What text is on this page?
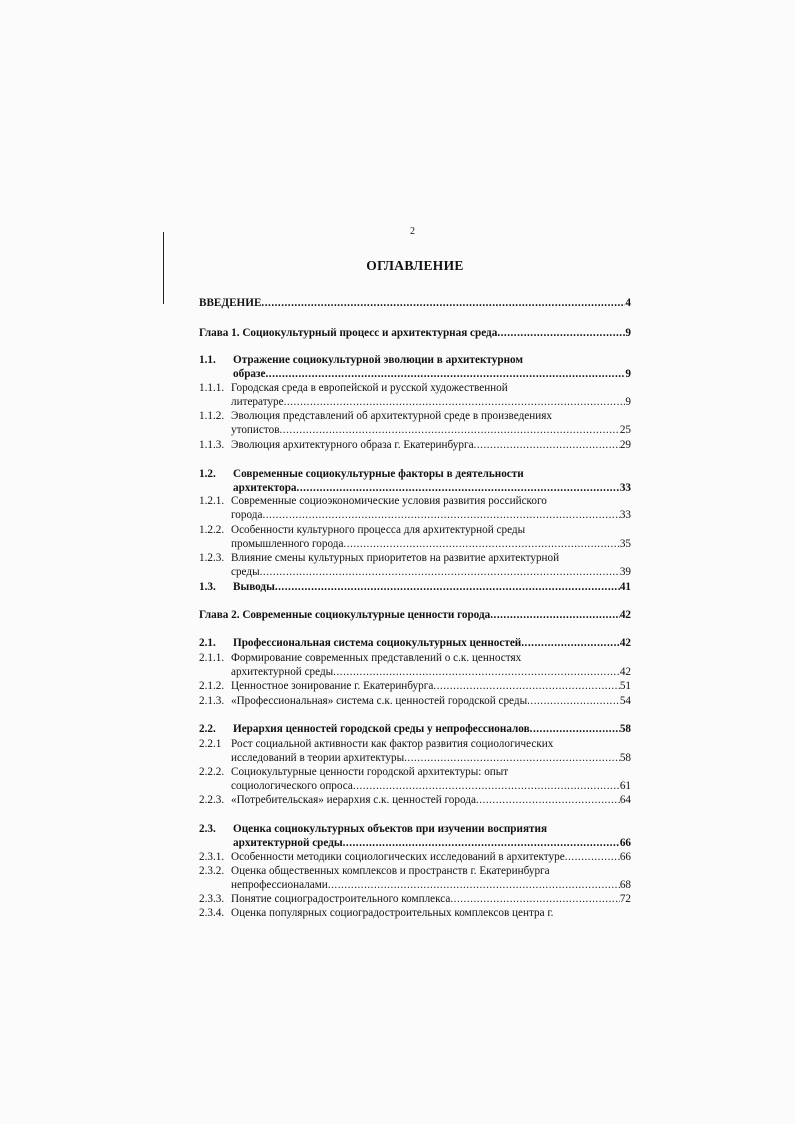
2
ОГЛАВЛЕНИЕ
ВВЕДЕНИЕ .....	4
Глава 1. Социокультурный процесс и архитектурная среда .....	9
1.1.	Отражение социокультурной эволюции в архитектурном
образе .....	9
1.1.1. Городская среда в европейской и русской художественной
литературе .....	9
1.1.2. Эволюция представлений об архитектурной среде в произведениях
утопистов .....	25
1.1.3. Эволюция архитектурного образа г. Екатеринбурга .....	29
1.2.	Современные социокультурные факторы в деятельности
архитектора .....	33
1.2.1. Современные социоэкономические условия развития российского
города .....	33
1.2.2. Особенности культурного процесса для архитектурной среды
промышленного города .....	35
1.2.3. Влияние смены культурных приоритетов на развитие архитектурной
среды .....	39
1.3.	Выводы .....	41
Глава 2. Современные социокультурные ценности города .....	42
2.1.	Профессиональная система социокультурных ценностей .....	42
2.1.1. Формирование современных представлений о с.к. ценностях
архитектурной среды .....	42
2.1.2. Ценностное зонирование г. Екатеринбурга .....	51
2.1.3. «Профессиональная» система с.к. ценностей городской среды .....	54
2.2.	Иерархия ценностей городской среды у непрофессионалов .....	58
2.2.1 Рост социальной активности как фактор развития социологических
исследований в теории архитектуры .....	58
2.2.2. Социокультурные ценности городской архитектуры: опыт
социологического опроса .....	61
2.2.3. «Потребительская» иерархия с.к. ценностей города .....	64
2.3.	Оценка социокультурных объектов при изучении восприятия
архитектурной среды .....	66
2.3.1. Особенности методики социологических исследований в архитектуре .....	66
2.3.2. Оценка общественных комплексов и пространств г. Екатеринбурга
непрофессионалами .....	68
2.3.3. Понятие социоградостроительного комплекса .....	72
2.3.4. Оценка популярных социоградостроительных комплексов центра г.
